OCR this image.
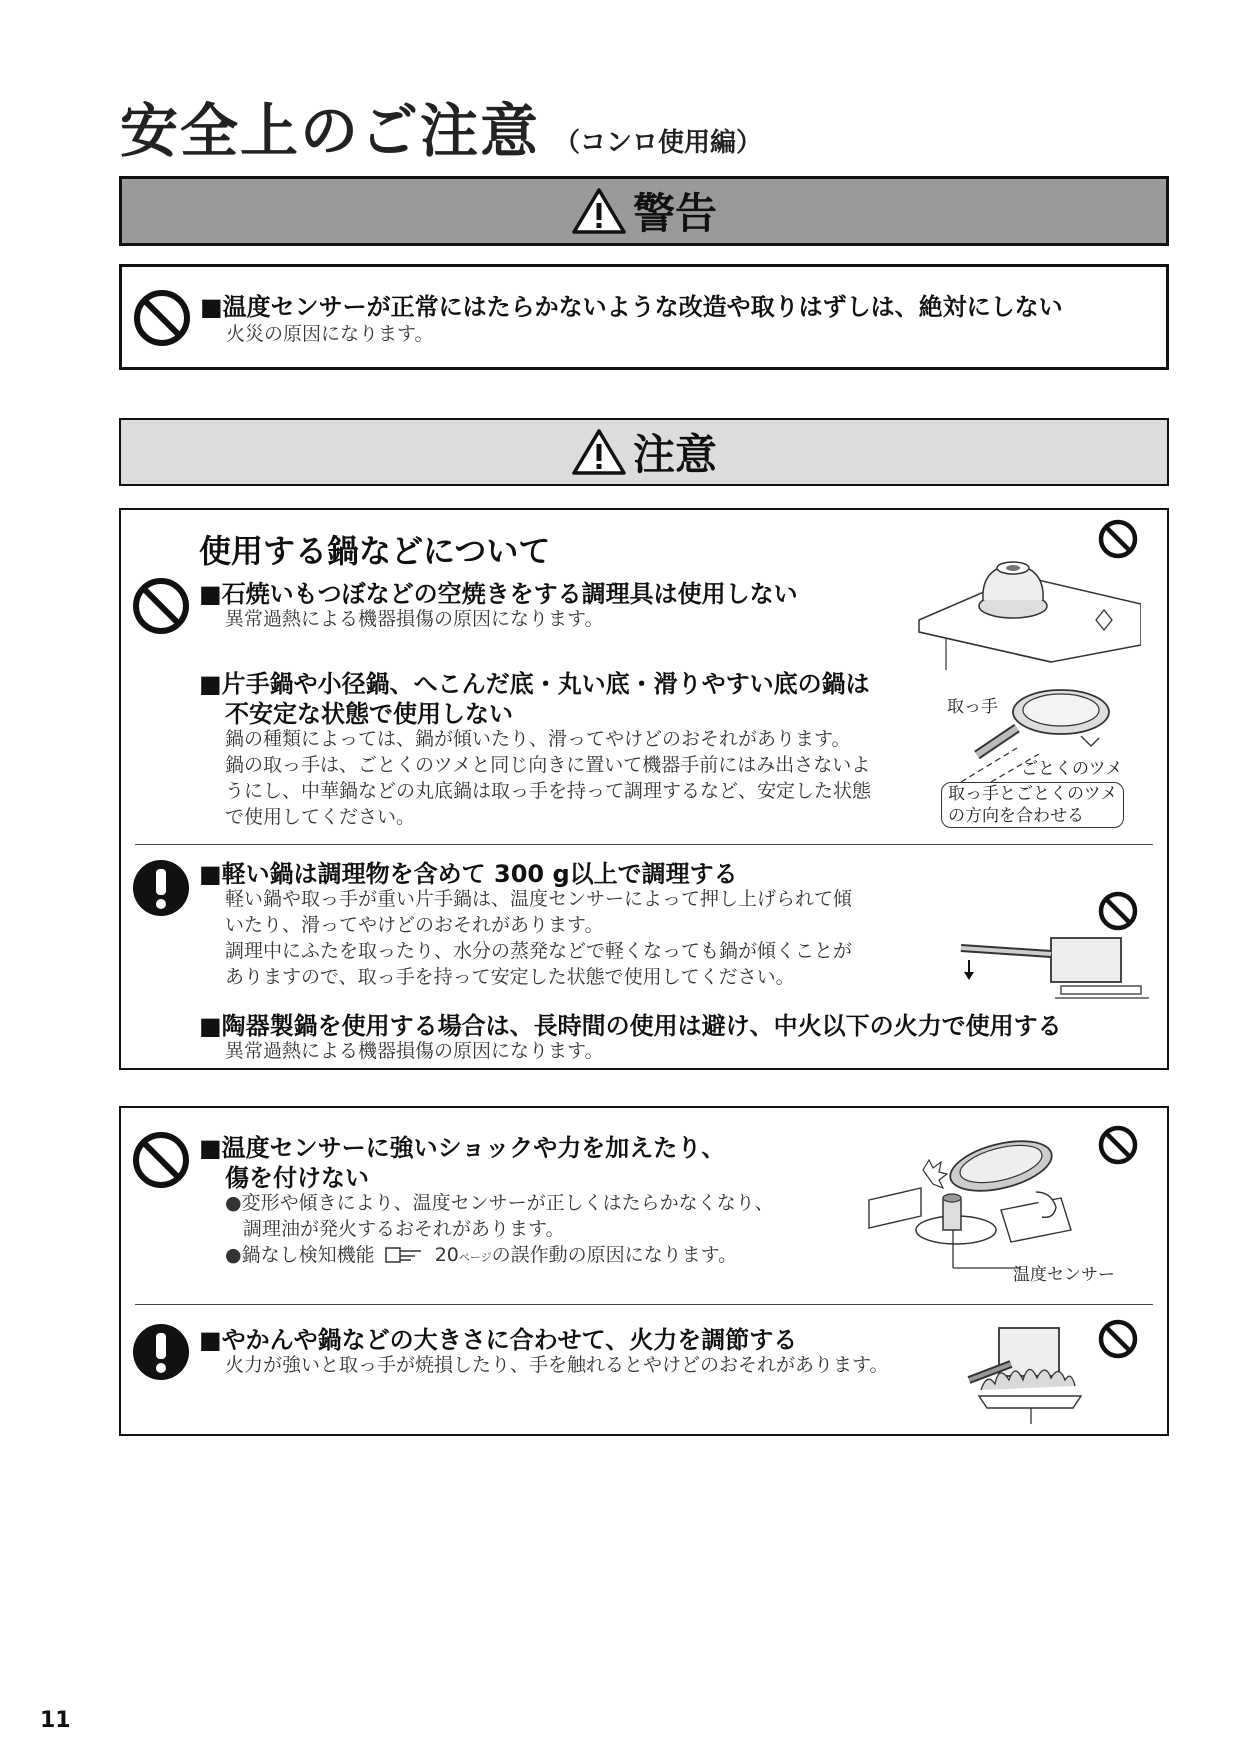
安全上のご注意 （コンロ使用編）
警告
■温度センサーが正常にはたらかないような改造や取りはずしは、絶対にしない
火災の原因になります。
注意
使用する鍋などについて
■石焼いもつぼなどの空焼きをする調理具は使用しない
異常過熱による機器損傷の原因になります。
■片手鍋や小径鍋、へこんだ底・丸い底・滑りやすい底の鍋は
不安定な状態で使用しない
鍋の種類によっては、鍋が傾いたり、滑ってやけどのおそれがあります。
鍋の取っ手は、ごとくのツメと同じ向きに置いて機器手前にはみ出さないよ
うにし、中華鍋などの丸底鍋は取っ手を持って調理するなど、安定した状態
で使用してください。
取っ手
ごとくのツメ
取っ手とごとくのツメ
の方向を合わせる
■軽い鍋は調理物を含めて 300 g以上で調理する
軽い鍋や取っ手が重い片手鍋は、温度センサーによって押し上げられて傾
いたり、滑ってやけどのおそれがあります。
調理中にふたを取ったり、水分の蒸発などで軽くなっても鍋が傾くことが
ありますので、取っ手を持って安定した状態で使用してください。
■陶器製鍋を使用する場合は、長時間の使用は避け、中火以下の火力で使用する
異常過熱による機器損傷の原因になります。
■温度センサーに強いショックや力を加えたり、
傷を付けない
●変形や傾きにより、温度センサーが正しくはたらかなくなり、
調理油が発火するおそれがあります。
●鍋なし検知機能	20ページの誤作動の原因になります。
温度センサー
■やかんや鍋などの大きさに合わせて、火力を調節する
火力が強いと取っ手が焼損したり、手を触れるとやけどのおそれがあります。
11
